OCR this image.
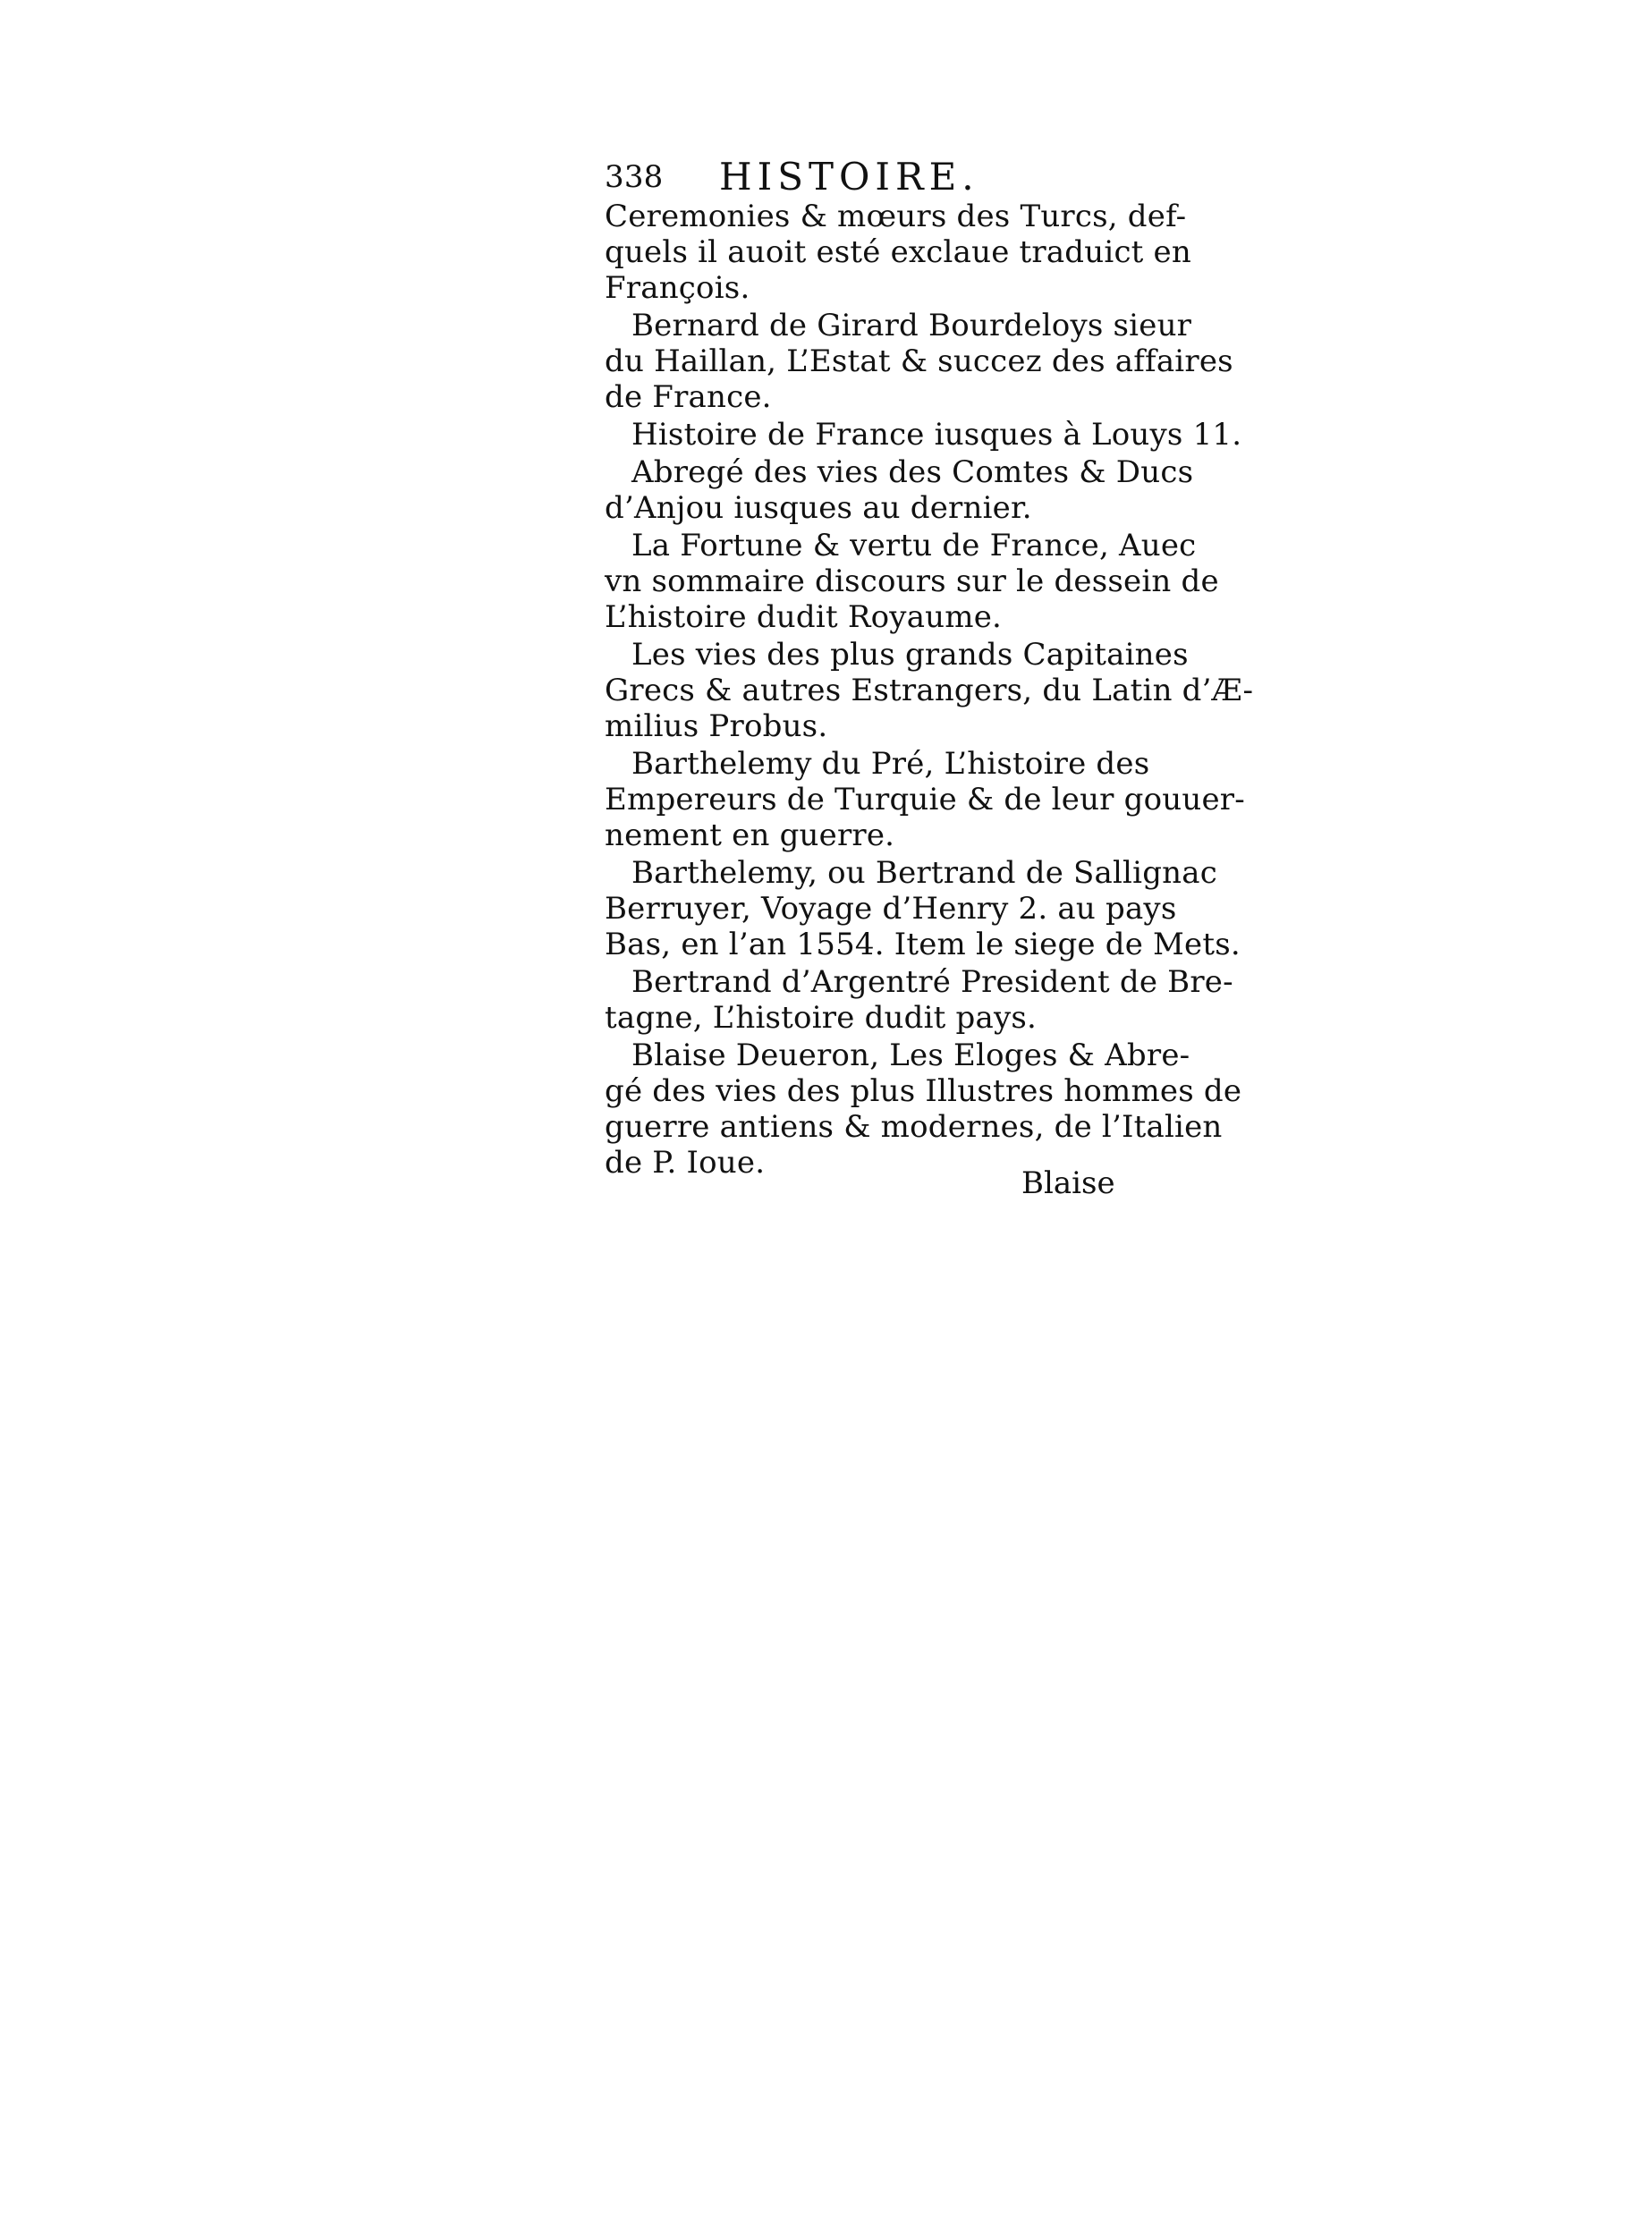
338 HISTOIRE.
Ceremonies & mœurs des Turcs, def-
quels il auoit esté exclaue traduict en
François.
Bernard de Girard Bourdeloys sieur
du Haillan, L’Estat & succez des affaires
de France.
Histoire de France iusques à Louys 11.
Abregé des vies des Comtes & Ducs
d’Anjou iusques au dernier.
La Fortune & vertu de France, Auec
vn sommaire discours sur le dessein de
L’histoire dudit Royaume.
Les vies des plus grands Capitaines
Grecs & autres Estrangers, du Latin d’Æ-
milius Probus.
Barthelemy du Pré, L’histoire des
Empereurs de Turquie & de leur gouuer-
nement en guerre.
Barthelemy, ou Bertrand de Sallignac
Berruyer, Voyage d’Henry 2. au pays
Bas, en l’an 1554. Item le siege de Mets.
Bertrand d’Argentré President de Bre-
tagne, L’histoire dudit pays.
Blaise Deueron, Les Eloges & Abre-
gé des vies des plus Illustres hommes de
guerre antiens & modernes, de l’Italien
de P. Ioue.
Blaise
